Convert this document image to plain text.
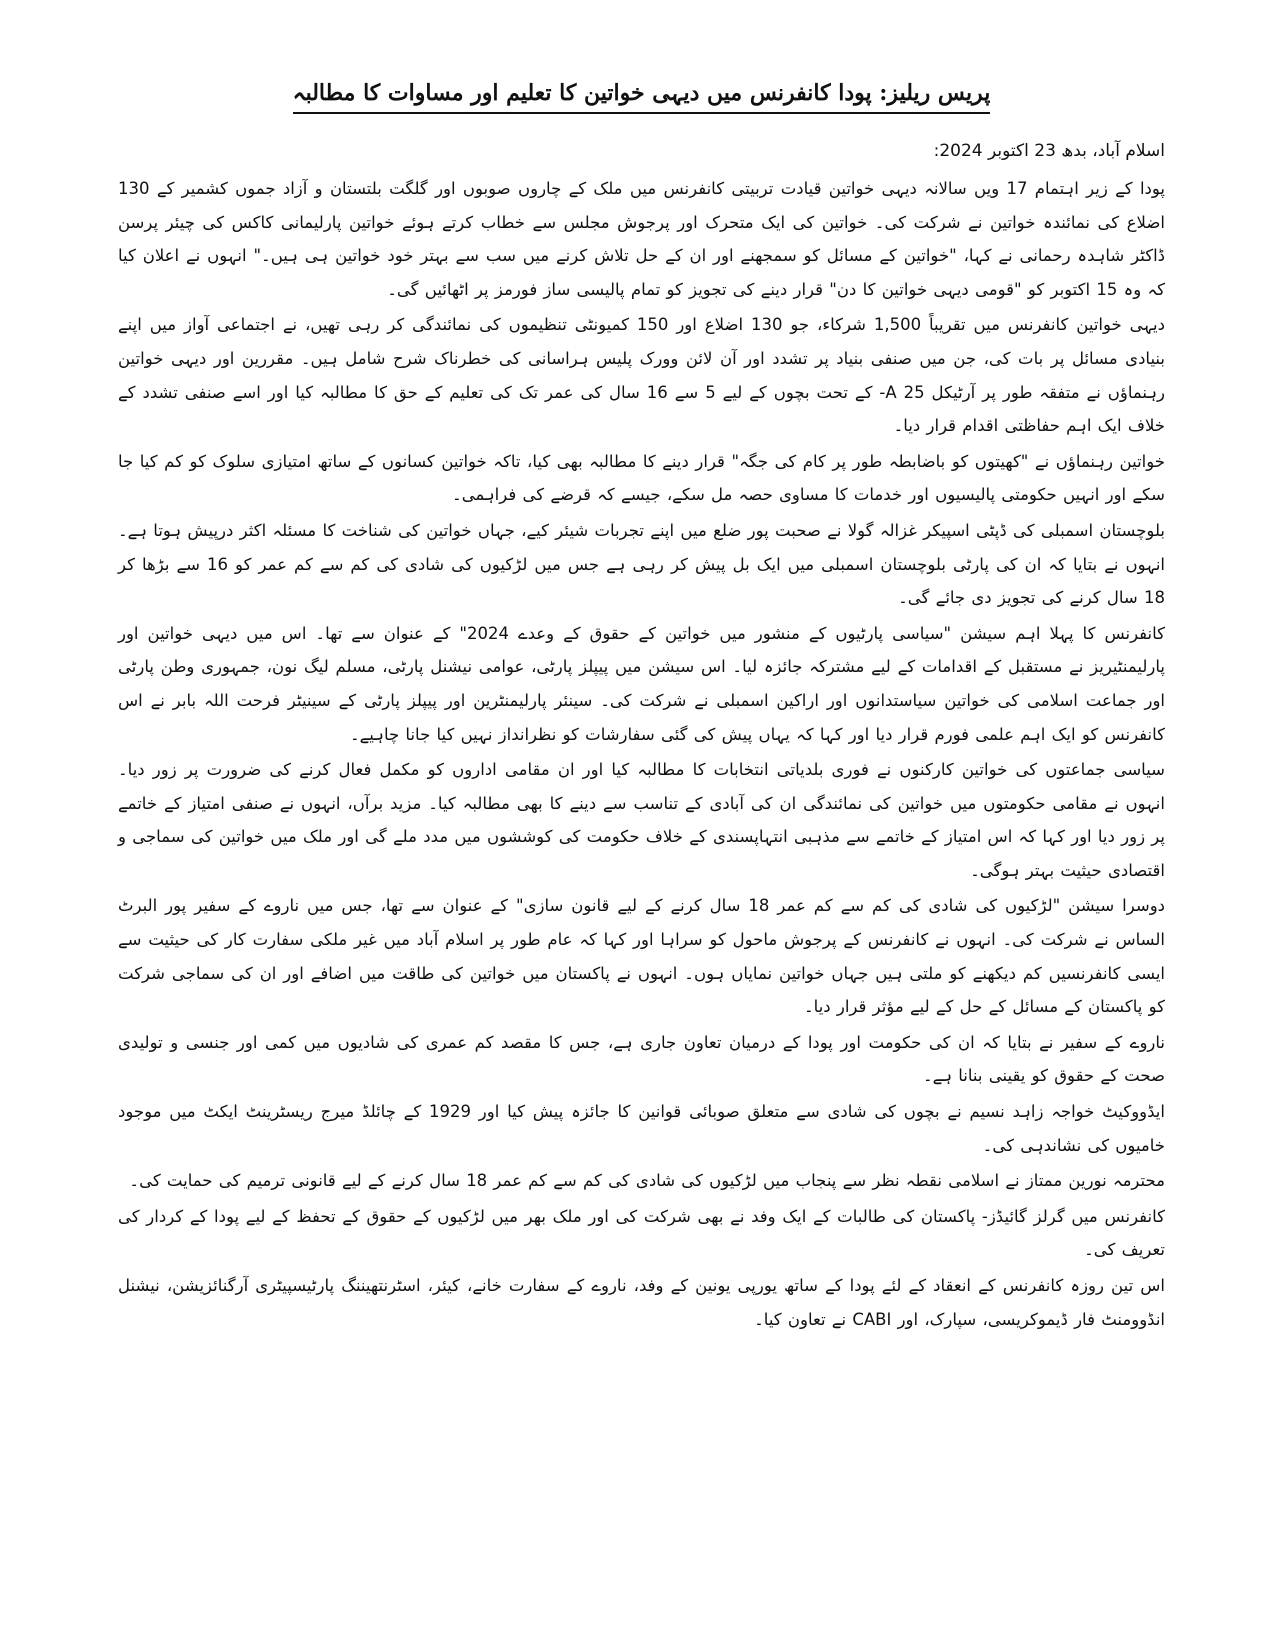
پریس ریلیز: پودا کانفرنس میں دیہی خواتین کا تعلیم اور مساوات کا مطالبہ

اسلام آباد، بدھ 23 اکتوبر 2024:

پودا کے زیر اہتمام 17 ویں سالانہ دیہی خواتین قیادت تربیتی کانفرنس میں ملک کے چاروں صوبوں اور گلگت بلتستان و آزاد جموں کشمیر کے 130 اضلاع کی نمائندہ خواتین نے شرکت کی۔ خواتین کی ایک متحرک اور پرجوش مجلس سے خطاب کرتے ہوئے خواتین پارلیمانی کاکس کی چیئر پرسن ڈاکٹر شاہدہ رحمانی نے کہا، "خواتین کے مسائل کو سمجھنے اور ان کے حل تلاش کرنے میں سب سے بہتر خود خواتین ہی ہیں۔" انہوں نے اعلان کیا کہ وہ 15 اکتوبر کو "قومی دیہی خواتین کا دن" قرار دینے کی تجویز کو تمام پالیسی ساز فورمز پر اٹھائیں گی۔

دیہی خواتین کانفرنس میں تقریباً 1,500 شرکاء، جو 130 اضلاع اور 150 کمیونٹی تنظیموں کی نمائندگی کر رہی تھیں، نے اجتماعی آواز میں اپنے بنیادی مسائل پر بات کی، جن میں صنفی بنیاد پر تشدد اور آن لائن وورک پلیس ہراسانی کی خطرناک شرح شامل ہیں۔ مقررین اور دیہی خواتین رہنماؤں نے متفقہ طور پر آرٹیکل 25 A- کے تحت بچوں کے لیے 5 سے 16 سال کی عمر تک کی تعلیم کے حق کا مطالبہ کیا اور اسے صنفی تشدد کے خلاف ایک اہم حفاظتی اقدام قرار دیا۔

خواتین رہنماؤں نے "کھیتوں کو باضابطہ طور پر کام کی جگہ" قرار دینے کا مطالبہ بھی کیا، تاکہ خواتین کسانوں کے ساتھ امتیازی سلوک کو کم کیا جا سکے اور انہیں حکومتی پالیسیوں اور خدمات کا مساوی حصہ مل سکے، جیسے کہ قرضے کی فراہمی۔

بلوچستان اسمبلی کی ڈپٹی اسپیکر غزالہ گولا نے صحبت پور ضلع میں اپنے تجربات شیئر کیے، جہاں خواتین کی شناخت کا مسئلہ اکثر درپیش ہوتا ہے۔ انہوں نے بتایا کہ ان کی پارٹی بلوچستان اسمبلی میں ایک بل پیش کر رہی ہے جس میں لڑکیوں کی شادی کی کم سے کم عمر کو 16 سے بڑھا کر 18 سال کرنے کی تجویز دی جائے گی۔

کانفرنس کا پہلا اہم سیشن "سیاسی پارٹیوں کے منشور میں خواتین کے حقوق کے وعدے 2024" کے عنوان سے تھا۔ اس میں دیہی خواتین اور پارلیمنٹیریز نے مستقبل کے اقدامات کے لیے مشترکہ جائزہ لیا۔ اس سیشن میں پیپلز پارٹی، عوامی نیشنل پارٹی، مسلم لیگ نون، جمہوری وطن پارٹی اور جماعت اسلامی کی خواتین سیاستدانوں اور اراکین اسمبلی نے شرکت کی۔ سینئر پارلیمنٹرین اور پیپلز پارٹی کے سینیٹر فرحت اللہ بابر نے اس کانفرنس کو ایک اہم علمی فورم قرار دیا اور کہا کہ یہاں پیش کی گئی سفارشات کو نظرانداز نہیں کیا جانا چاہیے۔

سیاسی جماعتوں کی خواتین کارکنوں نے فوری بلدیاتی انتخابات کا مطالبہ کیا اور ان مقامی اداروں کو مکمل فعال کرنے کی ضرورت پر زور دیا۔ انہوں نے مقامی حکومتوں میں خواتین کی نمائندگی ان کی آبادی کے تناسب سے دینے کا بھی مطالبہ کیا۔ مزید برآں، انہوں نے صنفی امتیاز کے خاتمے پر زور دیا اور کہا کہ اس امتیاز کے خاتمے سے مذہبی انتہاپسندی کے خلاف حکومت کی کوششوں میں مدد ملے گی اور ملک میں خواتین کی سماجی و اقتصادی حیثیت بہتر ہوگی۔

دوسرا سیشن "لڑکیوں کی شادی کی کم سے کم عمر 18 سال کرنے کے لیے قانون سازی" کے عنوان سے تھا، جس میں ناروے کے سفیر پور البرٹ الساس نے شرکت کی۔ انہوں نے کانفرنس کے پرجوش ماحول کو سراہا اور کہا کہ عام طور پر اسلام آباد میں غیر ملکی سفارت کار کی حیثیت سے ایسی کانفرنسیں کم دیکھنے کو ملتی ہیں جہاں خواتین نمایاں ہوں۔ انہوں نے پاکستان میں خواتین کی طاقت میں اضافے اور ان کی سماجی شرکت کو پاکستان کے مسائل کے حل کے لیے مؤثر قرار دیا۔

ناروے کے سفیر نے بتایا کہ ان کی حکومت اور پودا کے درمیان تعاون جاری ہے، جس کا مقصد کم عمری کی شادیوں میں کمی اور جنسی و تولیدی صحت کے حقوق کو یقینی بنانا ہے۔

ایڈووکیٹ خواجہ زاہد نسیم نے بچوں کی شادی سے متعلق صوبائی قوانین کا جائزہ پیش کیا اور 1929 کے چائلڈ میرج ریسٹرینٹ ایکٹ میں موجود خامیوں کی نشاندہی کی۔

محترمہ نورین ممتاز نے اسلامی نقطہ نظر سے پنجاب میں لڑکیوں کی شادی کی کم سے کم عمر 18 سال کرنے کے لیے قانونی ترمیم کی حمایت کی۔

کانفرنس میں گرلز گائیڈز- پاکستان کی طالبات کے ایک وفد نے بھی شرکت کی اور ملک بھر میں لڑکیوں کے حقوق کے تحفظ کے لیے پودا کے کردار کی تعریف کی۔

اس تین روزہ کانفرنس کے انعقاد کے لئے پودا کے ساتھ یورپی یونین کے وفد، ناروے کے سفارت خانے، کیئر، اسٹرنتھیننگ پارٹیسپیٹری آرگنائزیشن، نیشنل انڈوومنٹ فار ڈیموکریسی، سپارک، اور CABI نے تعاون کیا۔
